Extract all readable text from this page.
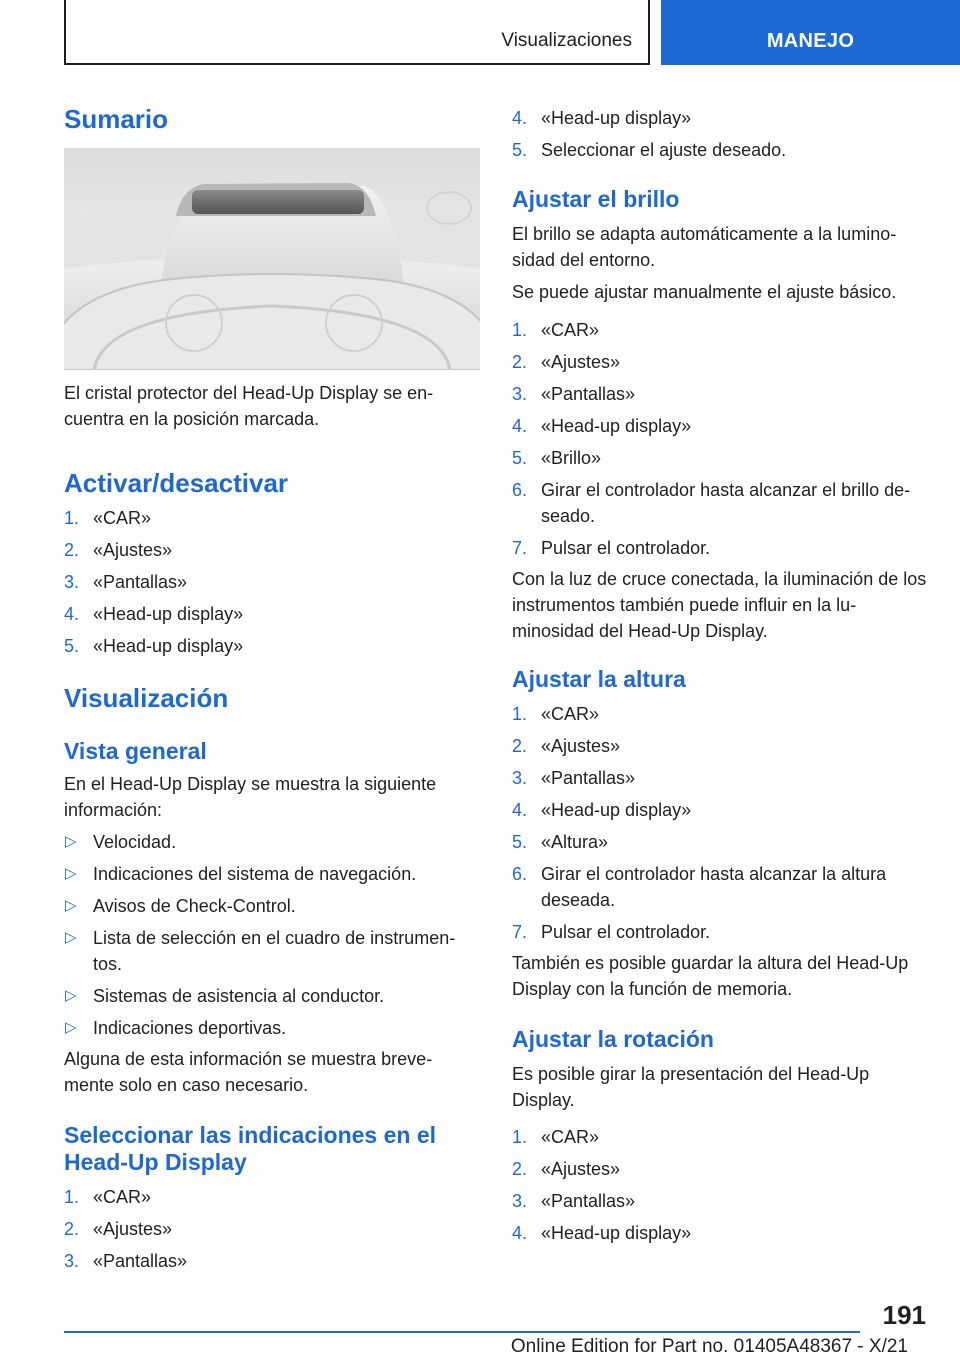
Visualizaciones	MANEJO
Sumario
El cristal protector del Head-Up Display se en-cuentra en la posición marcada.
Activar/desactivar
1. «CAR»
2. «Ajustes»
3. «Pantallas»
4. «Head-up display»
5. «Head-up display»
Visualización
Vista general
En el Head-Up Display se muestra la siguiente información:
▷ Velocidad.
▷ Indicaciones del sistema de navegación.
▷ Avisos de Check-Control.
▷ Lista de selección en el cuadro de instrumen-tos.
▷ Sistemas de asistencia al conductor.
▷ Indicaciones deportivas.
Alguna de esta información se muestra breve-mente solo en caso necesario.
Seleccionar las indicaciones en el Head-Up Display
1. «CAR»
2. «Ajustes»
3. «Pantallas»
4. «Head-up display»
5. Seleccionar el ajuste deseado.
Ajustar el brillo
El brillo se adapta automáticamente a la lumino-sidad del entorno.
Se puede ajustar manualmente el ajuste básico.
1. «CAR»
2. «Ajustes»
3. «Pantallas»
4. «Head-up display»
5. «Brillo»
6. Girar el controlador hasta alcanzar el brillo de-seado.
7. Pulsar el controlador.
Con la luz de cruce conectada, la iluminación de los instrumentos también puede influir en la lu-minosidad del Head-Up Display.
Ajustar la altura
1. «CAR»
2. «Ajustes»
3. «Pantallas»
4. «Head-up display»
5. «Altura»
6. Girar el controlador hasta alcanzar la altura deseada.
7. Pulsar el controlador.
También es posible guardar la altura del Head-Up Display con la función de memoria.
Ajustar la rotación
Es posible girar la presentación del Head-Up Display.
1. «CAR»
2. «Ajustes»
3. «Pantallas»
4. «Head-up display»
191
Online Edition for Part no. 01405A48367 - X/21
